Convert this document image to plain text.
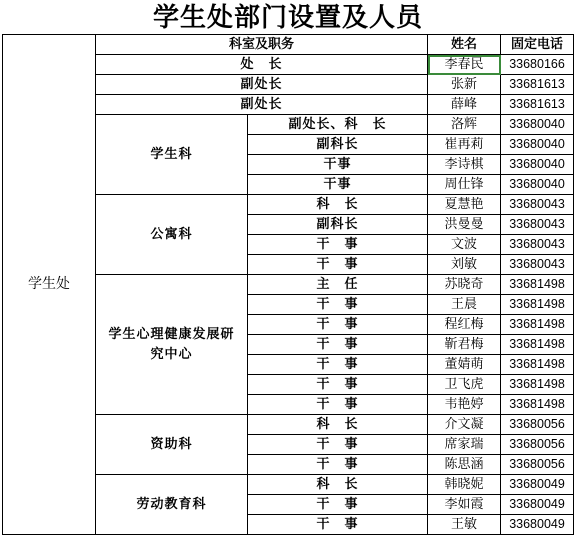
学生处部门设置及人员
学生处	科室及职务		姓名	固定电话
	处　长		李春民	33680166
	副处长		张新	33681613
	副处长		薛峰	33681613
	学生科	副处长、科　长	洛辉	33680040
		副科长	崔再莉	33680040
		干事	李诗棋	33680040
		干事	周仕锋	33680040
	公寓科	科　长	夏慧艳	33680043
		副科长	洪曼曼	33680043
		干　事	文波	33680043
		干　事	刘敏	33680043
	学生心理健康发展研究中心	主　任	苏晓奇	33681498
		干　事	王晨	33681498
		干　事	程红梅	33681498
		干　事	靳君梅	33681498
		干　事	董婧萌	33681498
		干　事	卫飞虎	33681498
		干　事	韦艳婷	33681498
	资助科	科　长	介文凝	33680056
		干　事	席家瑞	33680056
		干　事	陈思涵	33680056
	劳动教育科	科　长	韩晓妮	33680049
		干　事	李如霞	33680049
		干　事	王敏	33680049
